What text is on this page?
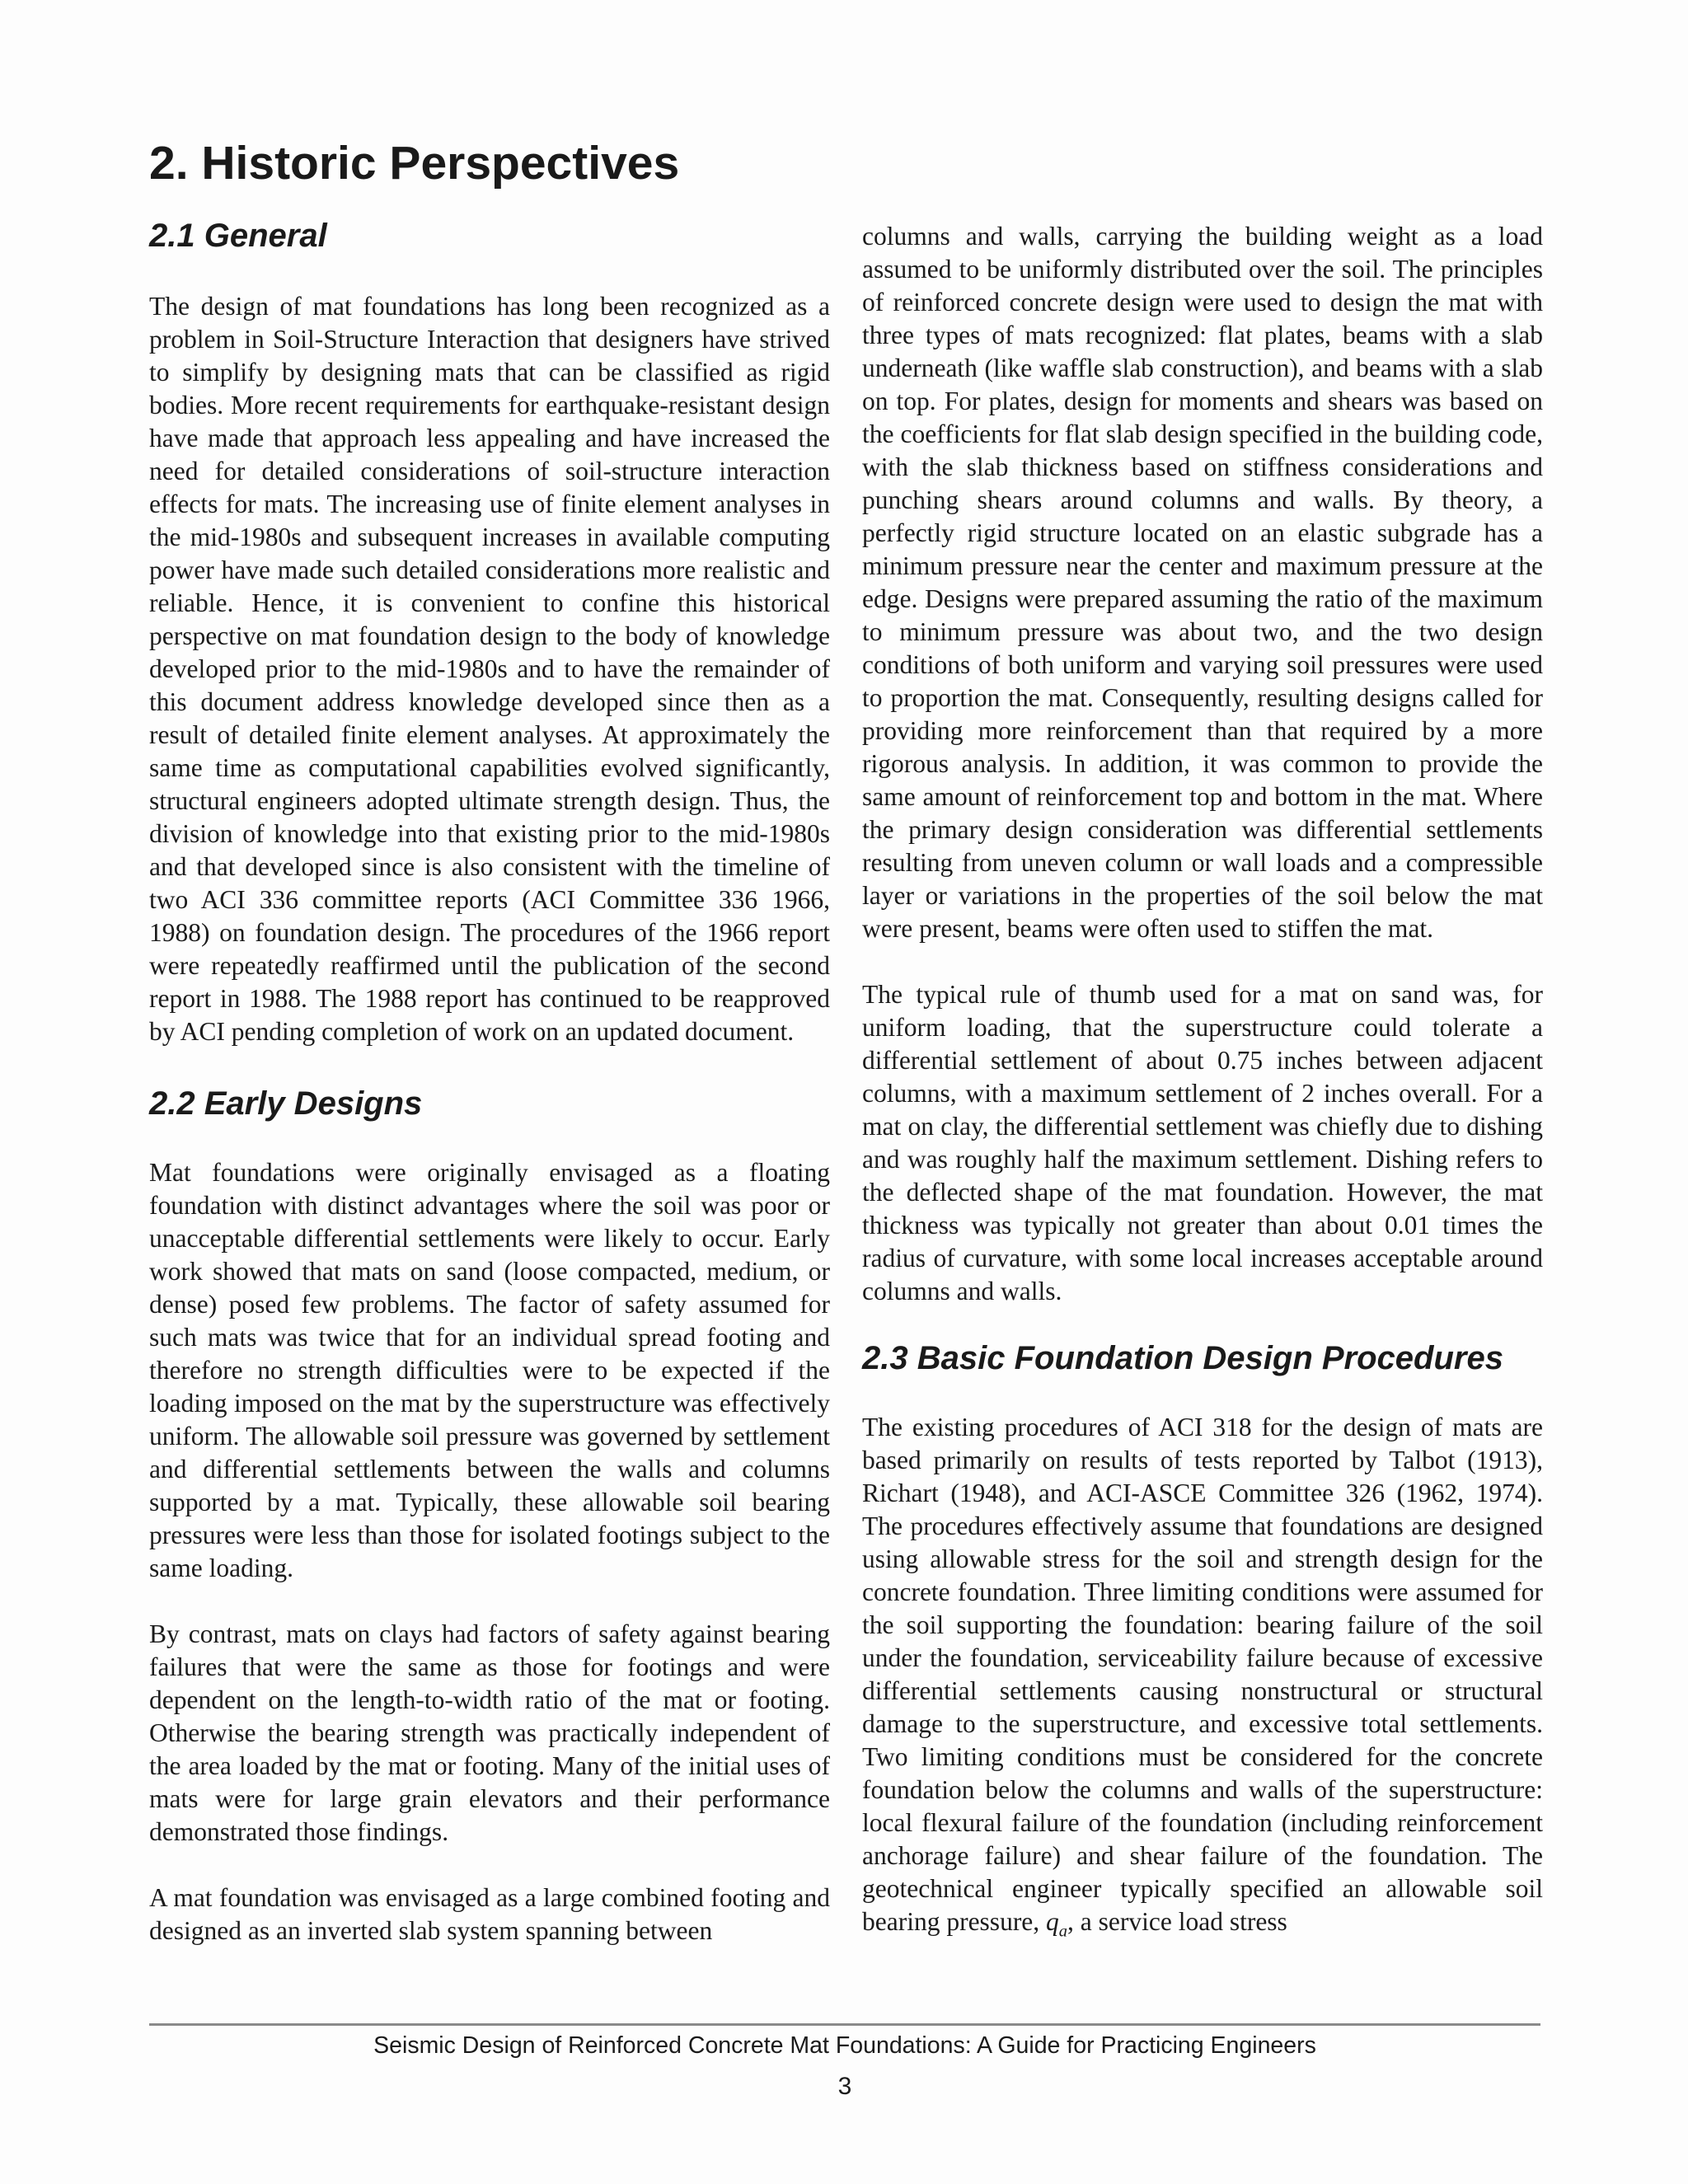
2. Historic Perspectives
2.1 General

The design of mat foundations has long been recognized as a problem in Soil-Structure Interaction that designers have strived to simplify by designing mats that can be classified as rigid bodies. More recent requirements for earthquake-resistant design have made that approach less appealing and have increased the need for detailed considerations of soil-structure interaction effects for mats. The increasing use of finite element analyses in the mid-1980s and subsequent increases in available computing power have made such detailed considerations more realistic and reliable. Hence, it is convenient to confine this historical perspective on mat foundation design to the body of knowledge developed prior to the mid-1980s and to have the remainder of this document address knowledge developed since then as a result of detailed finite element analyses. At approximately the same time as computational capabilities evolved significantly, structural engineers adopted ultimate strength design. Thus, the division of knowledge into that existing prior to the mid-1980s and that developed since is also consistent with the timeline of two ACI 336 committee reports (ACI Committee 336 1966, 1988) on foundation design. The procedures of the 1966 report were repeatedly reaffirmed until the publication of the second report in 1988. The 1988 report has continued to be reapproved by ACI pending completion of work on an updated document.

2.2 Early Designs

Mat foundations were originally envisaged as a floating foundation with distinct advantages where the soil was poor or unacceptable differential settlements were likely to occur. Early work showed that mats on sand (loose compacted, medium, or dense) posed few problems. The factor of safety assumed for such mats was twice that for an individual spread footing and therefore no strength difficulties were to be expected if the loading imposed on the mat by the superstructure was effectively uniform. The allowable soil pressure was governed by settlement and differential settlements between the walls and columns supported by a mat. Typically, these allowable soil bearing pressures were less than those for isolated footings subject to the same loading.

By contrast, mats on clays had factors of safety against bearing failures that were the same as those for footings and were dependent on the length-to-width ratio of the mat or footing. Otherwise the bearing strength was practically independent of the area loaded by the mat or footing. Many of the initial uses of mats were for large grain elevators and their performance demonstrated those findings.

A mat foundation was envisaged as a large combined footing and designed as an inverted slab system spanning between

columns and walls, carrying the building weight as a load assumed to be uniformly distributed over the soil. The principles of reinforced concrete design were used to design the mat with three types of mats recognized: flat plates, beams with a slab underneath (like waffle slab construction), and beams with a slab on top. For plates, design for moments and shears was based on the coefficients for flat slab design specified in the building code, with the slab thickness based on stiffness considerations and punching shears around columns and walls. By theory, a perfectly rigid structure located on an elastic subgrade has a minimum pressure near the center and maximum pressure at the edge. Designs were prepared assuming the ratio of the maximum to minimum pressure was about two, and the two design conditions of both uniform and varying soil pressures were used to proportion the mat. Consequently, resulting designs called for providing more reinforcement than that required by a more rigorous analysis. In addition, it was common to provide the same amount of reinforcement top and bottom in the mat. Where the primary design consideration was differential settlements resulting from uneven column or wall loads and a compressible layer or variations in the properties of the soil below the mat were present, beams were often used to stiffen the mat.

The typical rule of thumb used for a mat on sand was, for uniform loading, that the superstructure could tolerate a differential settlement of about 0.75 inches between adjacent columns, with a maximum settlement of 2 inches overall. For a mat on clay, the differential settlement was chiefly due to dishing and was roughly half the maximum settlement. Dishing refers to the deflected shape of the mat foundation. However, the mat thickness was typically not greater than about 0.01 times the radius of curvature, with some local increases acceptable around columns and walls.

2.3 Basic Foundation Design Procedures

The existing procedures of ACI 318 for the design of mats are based primarily on results of tests reported by Talbot (1913), Richart (1948), and ACI-ASCE Committee 326 (1962, 1974). The procedures effectively assume that foundations are designed using allowable stress for the soil and strength design for the concrete foundation. Three limiting conditions were assumed for the soil supporting the foundation: bearing failure of the soil under the foundation, serviceability failure because of excessive differential settlements causing nonstructural or structural damage to the superstructure, and excessive total settlements. Two limiting conditions must be considered for the concrete foundation below the columns and walls of the superstructure: local flexural failure of the foundation (including reinforcement anchorage failure) and shear failure of the foundation. The geotechnical engineer typically specified an allowable soil bearing pressure, $q_a$, a service load stress

Seismic Design of Reinforced Concrete Mat Foundations: A Guide for Practicing Engineers
3
